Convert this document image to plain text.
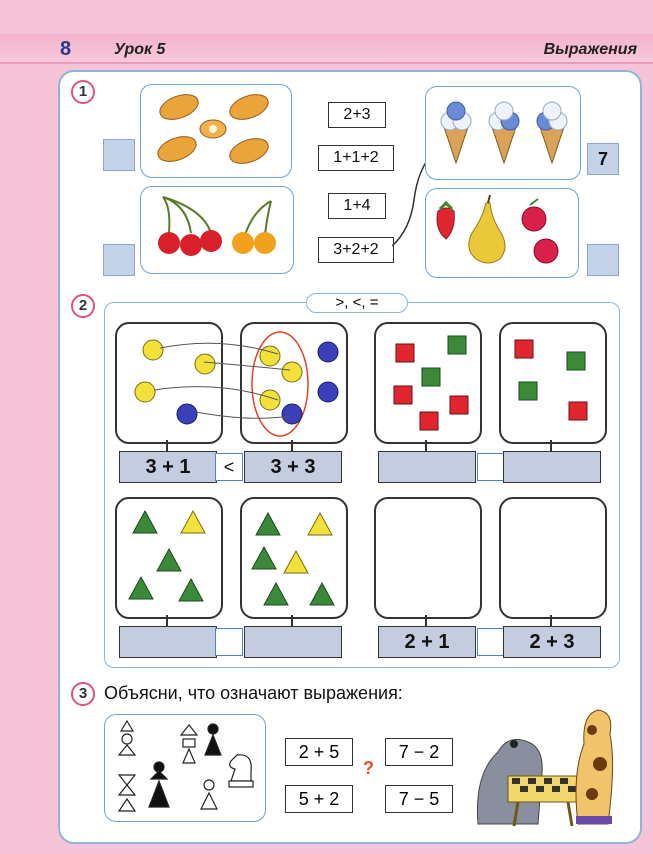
8	Урок 5	Выражения
1
2+3
1+1+2
1+4
3+2+2
7
2	>, <, =
3 + 1	<	3 + 3
2 + 1	2 + 3
3 Объясни, что означают выражения:
2 + 5	7 − 2
5 + 2	7 − 5
?
